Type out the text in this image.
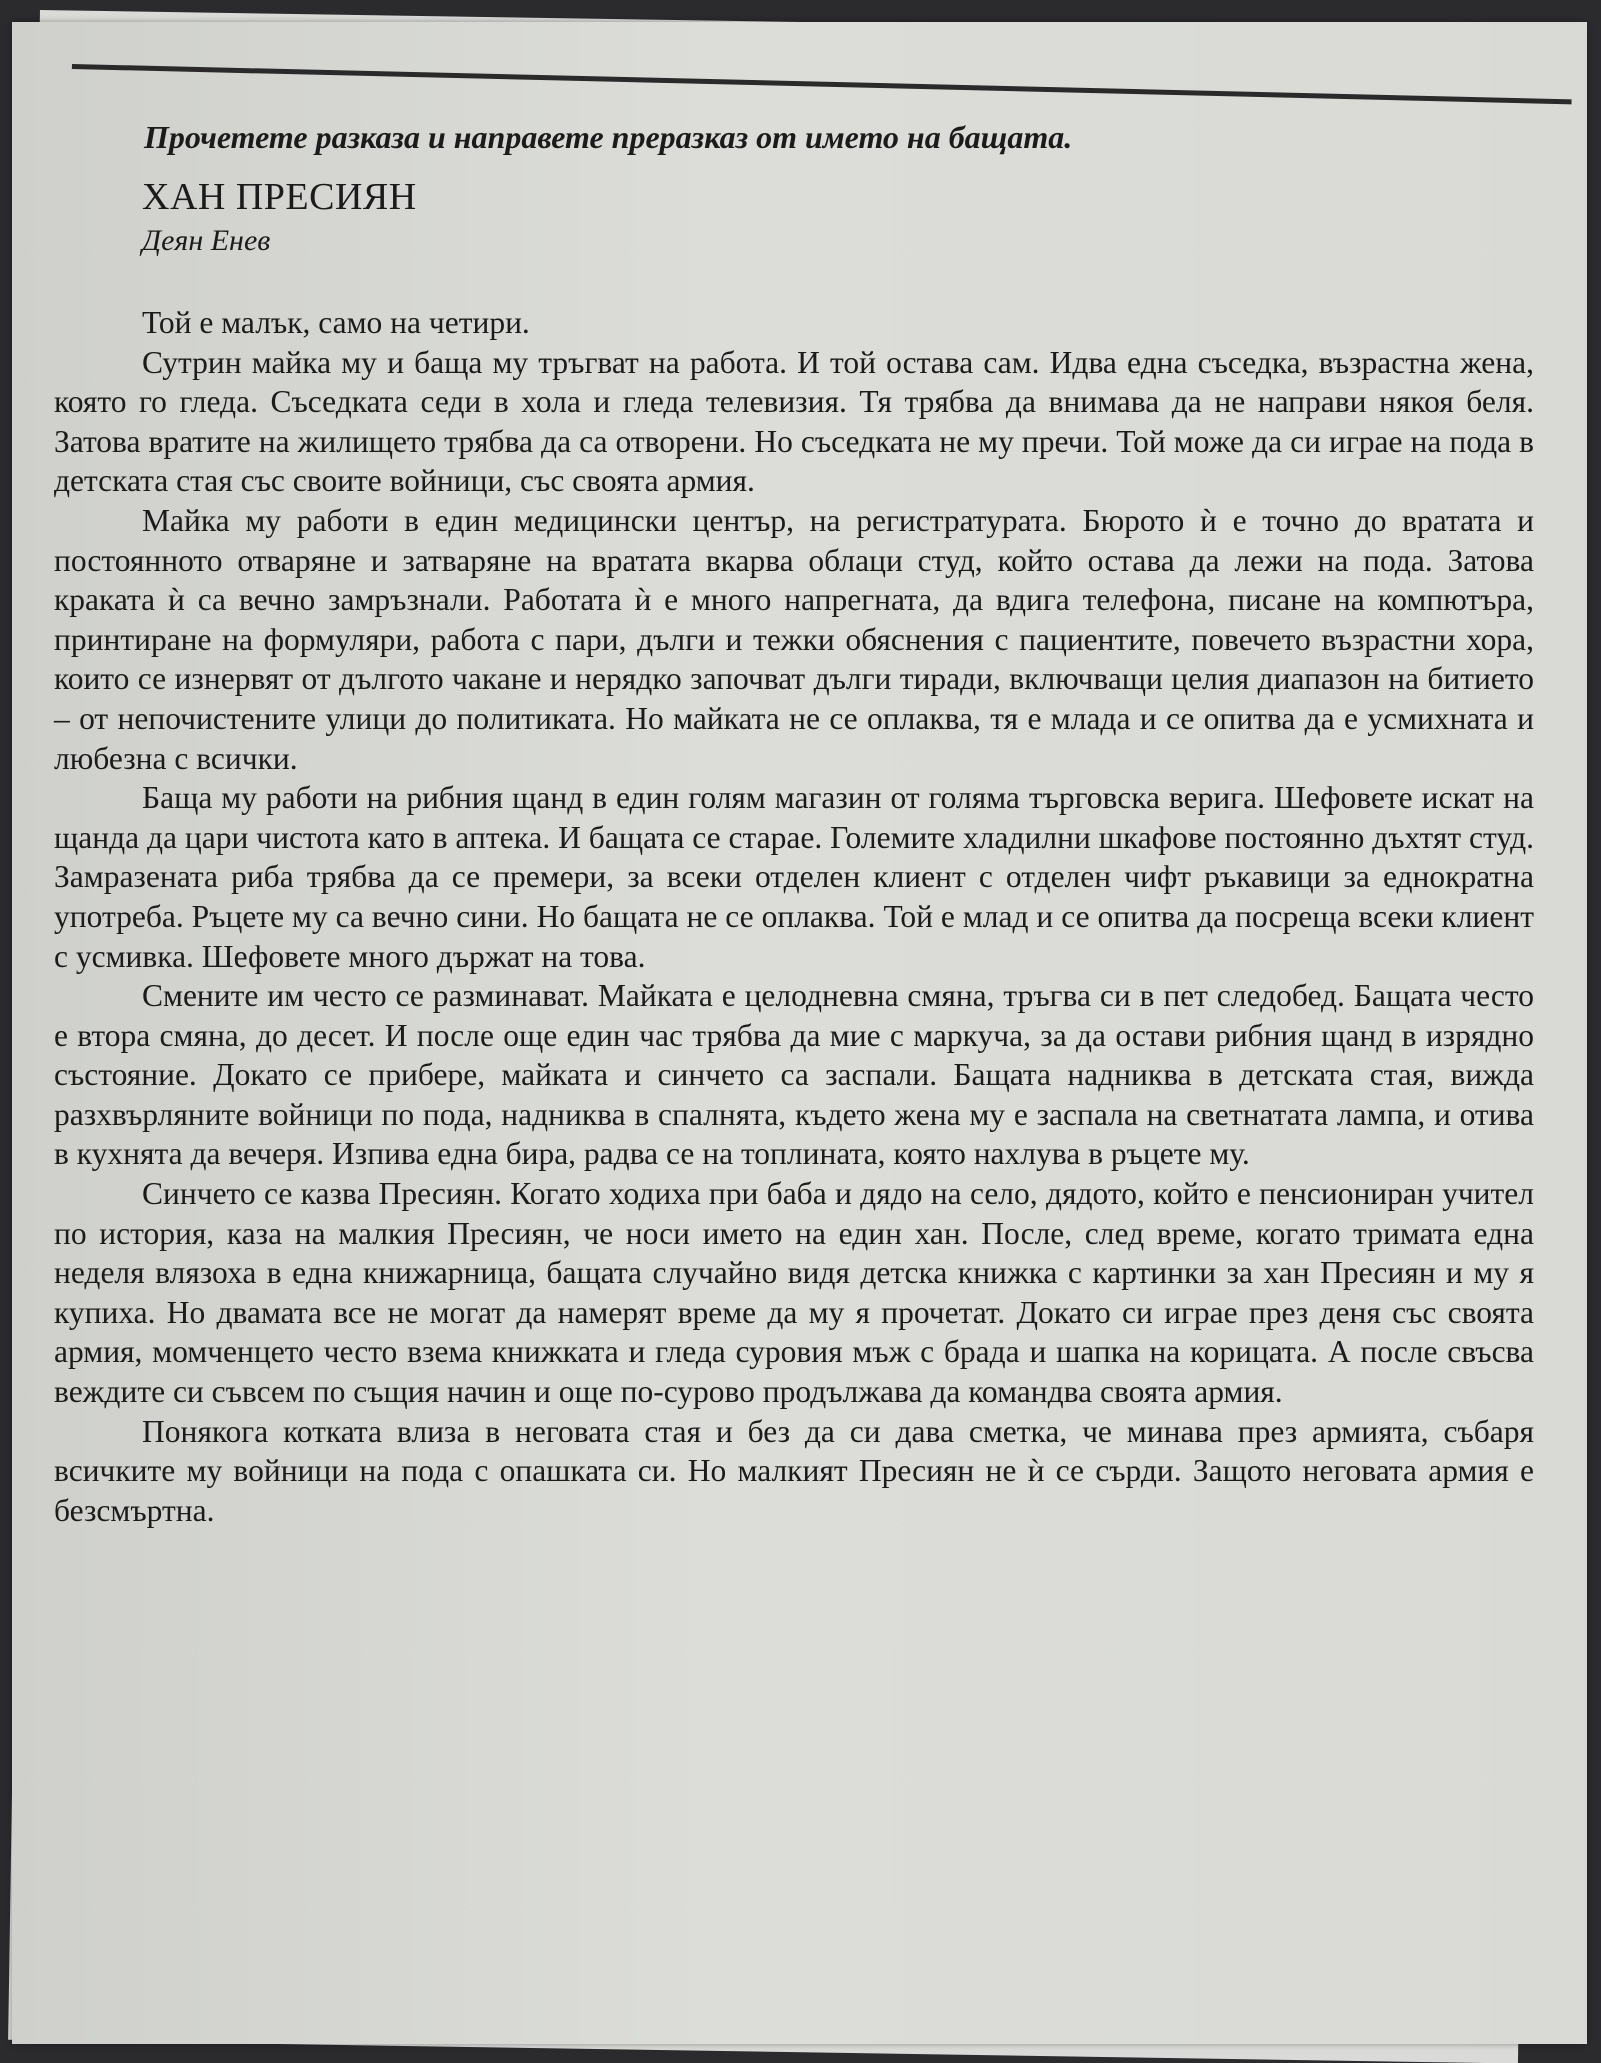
Прочетете разказа и направете преразказ от името на бащата.

ХАН ПРЕСИЯН
Деян Енев

Той е малък, само на четири.

Сутрин майка му и баща му тръгват на работа. И той остава сам. Идва една съседка, възрастна жена, която го гледа. Съседката седи в хола и гледа телевизия. Тя трябва да внимава да не направи някоя беля. Затова вратите на жилището трябва да са отворени. Но съседката не му пречи. Той може да си играе на пода в детската стая със своите войници, със своята армия.

Майка му работи в един медицински център, на регистратурата. Бюрото ѝ е точно до вратата и постоянното отваряне и затваряне на вратата вкарва облаци студ, който остава да лежи на пода. Затова краката ѝ са вечно замръзнали. Работата ѝ е много напрегната, да вдига телефона, писане на компютъра, принтиране на формуляри, работа с пари, дълги и тежки обяснения с пациентите, повечето възрастни хора, които се изнервят от дългото чакане и нерядко започват дълги тиради, включващи целия диапазон на битието – от непочистените улици до политиката. Но майката не се оплаква, тя е млада и се опитва да е усмихната и любезна с всички.

Баща му работи на рибния щанд в един голям магазин от голяма търговска верига. Шефовете искат на щанда да цари чистота като в аптека. И бащата се старае. Големите хладилни шкафове постоянно дъхтят студ. Замразената риба трябва да се премери, за всеки отделен клиент с отделен чифт ръкавици за еднократна употреба. Ръцете му са вечно сини. Но бащата не се оплаква. Той е млад и се опитва да посреща всеки клиент с усмивка. Шефовете много държат на това.

Смените им често се разминават. Майката е целодневна смяна, тръгва си в пет следобед. Бащата често е втора смяна, до десет. И после още един час трябва да мие с маркуча, за да остави рибния щанд в изрядно състояние. Докато се прибере, майката и синчето са заспали. Бащата надниква в детската стая, вижда разхвърляните войници по пода, надниква в спалнята, където жена му е заспала на светнатата лампа, и отива в кухнята да вечеря. Изпива една бира, радва се на топлината, която нахлува в ръцете му.

Синчето се казва Пресиян. Когато ходиха при баба и дядо на село, дядото, който е пенсиониран учител по история, каза на малкия Пресиян, че носи името на един хан. После, след време, когато тримата една неделя влязоха в една книжарница, бащата случайно видя детска книжка с картинки за хан Пресиян и му я купиха. Но двамата все не могат да намерят време да му я прочетат. Докато си играе през деня със своята армия, момченцето често взема книжката и гледа суровия мъж с брада и шапка на корицата. А после свъсва веждите си съвсем по същия начин и още по-сурово продължава да командва своята армия.

Понякога котката влиза в неговата стая и без да си дава сметка, че минава през армията, събаря всичките му войници на пода с опашката си. Но малкият Пресиян не ѝ се сърди. Защото неговата армия е безсмъртна.
